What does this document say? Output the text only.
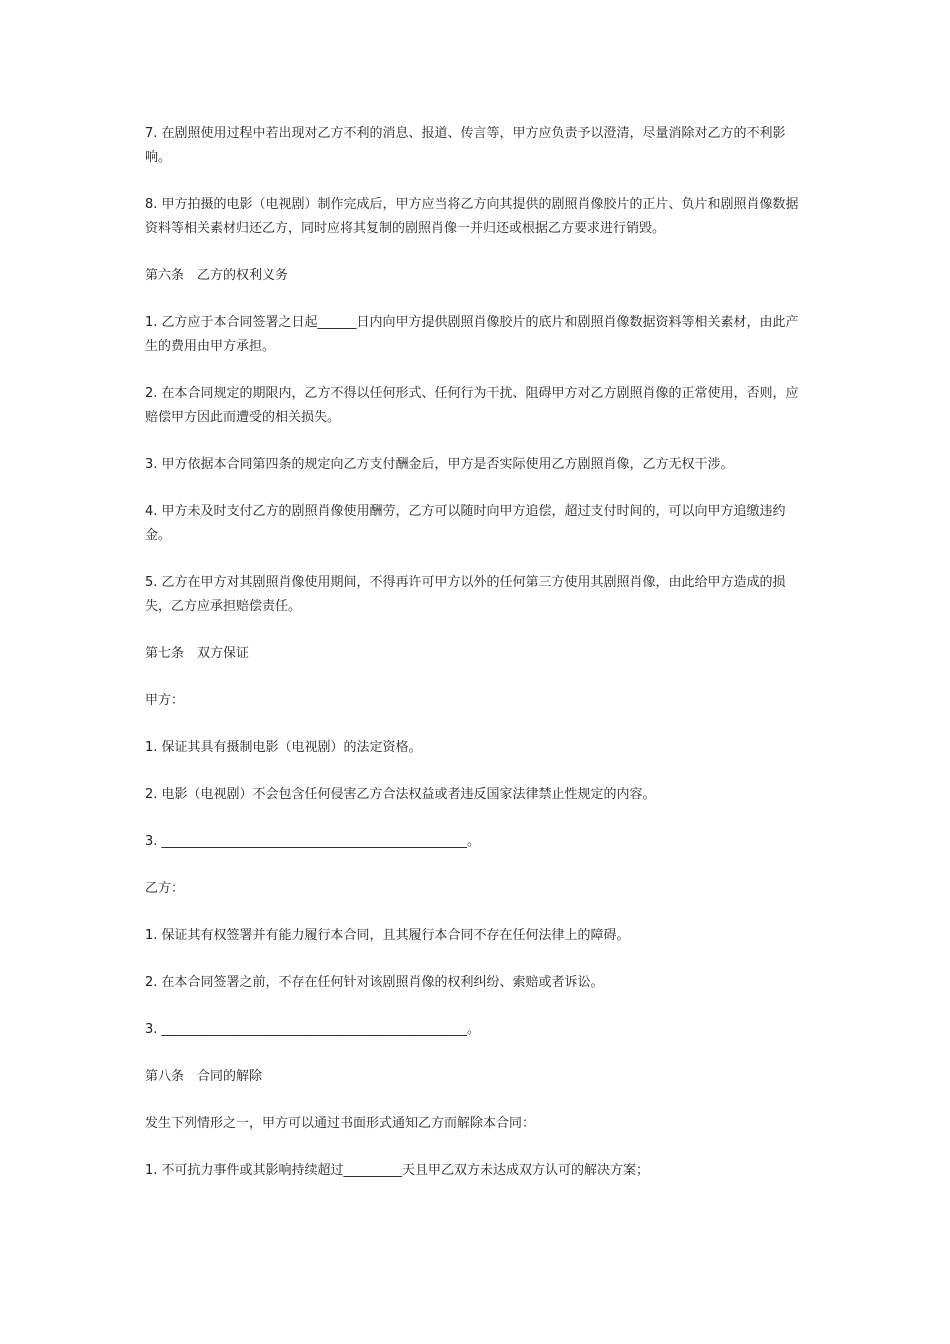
7. 在剧照使用过程中若出现对乙方不利的消息、报道、传言等，甲方应负责予以澄清，尽量消除对乙方的不利影响。

8. 甲方拍摄的电影（电视剧）制作完成后，甲方应当将乙方向其提供的剧照肖像胶片的正片、负片和剧照肖像数据资料等相关素材归还乙方，同时应将其复制的剧照肖像一并归还或根据乙方要求进行销毁。

第六条　乙方的权利义务

1. 乙方应于本合同签署之日起______日内向甲方提供剧照肖像胶片的底片和剧照肖像数据资料等相关素材，由此产生的费用由甲方承担。

2. 在本合同规定的期限内，乙方不得以任何形式、任何行为干扰、阻碍甲方对乙方剧照肖像的正常使用，否则，应赔偿甲方因此而遭受的相关损失。

3. 甲方依据本合同第四条的规定向乙方支付酬金后，甲方是否实际使用乙方剧照肖像，乙方无权干涉。

4. 甲方未及时支付乙方的剧照肖像使用酬劳，乙方可以随时向甲方追偿，超过支付时间的，可以向甲方追缴违约金。

5. 乙方在甲方对其剧照肖像使用期间，不得再许可甲方以外的任何第三方使用其剧照肖像，由此给甲方造成的损失，乙方应承担赔偿责任。

第七条　双方保证

甲方：

1. 保证其具有摄制电影（电视剧）的法定资格。

2. 电影（电视剧）不会包含任何侵害乙方合法权益或者违反国家法律禁止性规定的内容。

3. _______________________________________________。

乙方：

1. 保证其有权签署并有能力履行本合同，且其履行本合同不存在任何法律上的障碍。

2. 在本合同签署之前，不存在任何针对该剧照肖像的权利纠纷、索赔或者诉讼。

3. _______________________________________________。

第八条　合同的解除

发生下列情形之一，甲方可以通过书面形式通知乙方而解除本合同：

1. 不可抗力事件或其影响持续超过_________天且甲乙双方未达成双方认可的解决方案；
